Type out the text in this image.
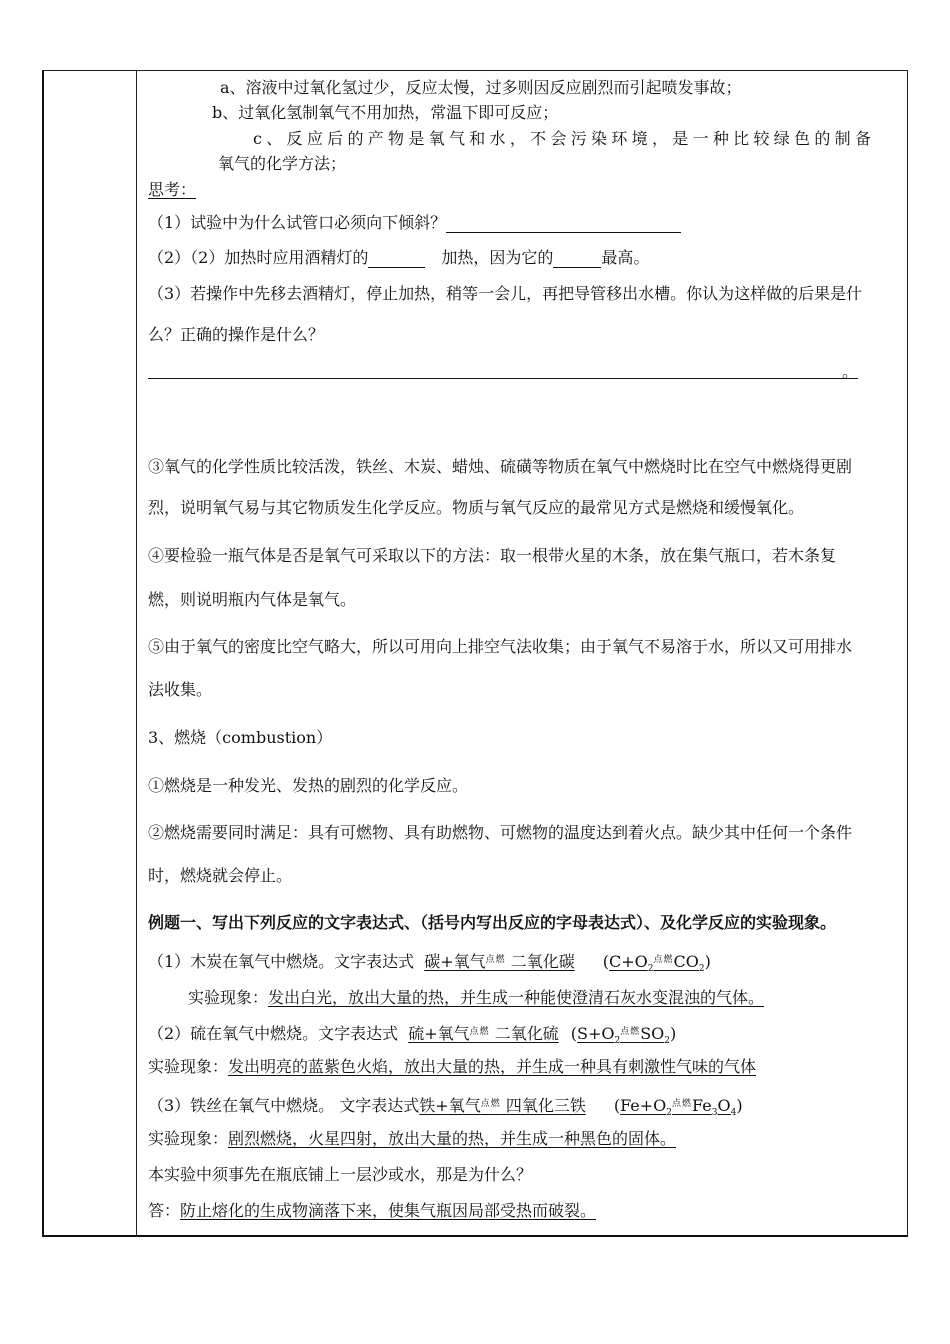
a、溶液中过氧化氢过少，反应太慢，过多则因反应剧烈而引起喷发事故；
b、过氧化氢制氧气不用加热，常温下即可反应；
c、反应后的产物是氧气和水，不会污染环境，是一种比较绿色的制备
氧气的化学方法；
思考：
（1）试验中为什么试管口必须向下倾斜？
（2）（2）加热时应用酒精灯的	加热，因为它的	最高。
（3）若操作中先移去酒精灯，停止加热，稍等一会儿，再把导管移出水槽。你认为这样做的后果是什
么？正确的操作是什么？
。
③氧气的化学性质比较活泼，铁丝、木炭、蜡烛、硫磺等物质在氧气中燃烧时比在空气中燃烧得更剧
烈，说明氧气易与其它物质发生化学反应。物质与氧气反应的最常见方式是燃烧和缓慢氧化。
④要检验一瓶气体是否是氧气可采取以下的方法：取一根带火星的木条，放在集气瓶口，若木条复
燃，则说明瓶内气体是氧气。
⑤由于氧气的密度比空气略大，所以可用向上排空气法收集；由于氧气不易溶于水，所以又可用排水
法收集。
3、燃烧（combustion）
①燃烧是一种发光、发热的剧烈的化学反应。
②燃烧需要同时满足：具有可燃物、具有助燃物、可燃物的温度达到着火点。缺少其中任何一个条件
时，燃烧就会停止。
例题一、写出下列反应的文字表达式、（括号内写出反应的字母表达式）、及化学反应的实验现象。
（1）木炭在氧气中燃烧。文字表达式 碳+氧气$^{点燃}$ 二氧化碳 $(C+O_2^{点燃}CO_2)$
实验现象：发出白光，放出大量的热，并生成一种能使澄清石灰水变混浊的气体。
（2）硫在氧气中燃烧。文字表达式 硫+氧气$^{点燃}$ 二氧化硫 $(S+O_2^{点燃}SO_2)$
实验现象：发出明亮的蓝紫色火焰，放出大量的热，并生成一种具有刺激性气味的气体
（3）铁丝在氧气中燃烧。 文字表达式铁+氧气$^{点燃}$ 四氧化三铁 $(Fe+O_2^{点燃}Fe_3O_4)$
实验现象：剧烈燃烧，火星四射，放出大量的热，并生成一种黑色的固体。
本实验中须事先在瓶底铺上一层沙或水，那是为什么？
答：防止熔化的生成物滴落下来，使集气瓶因局部受热而破裂。
